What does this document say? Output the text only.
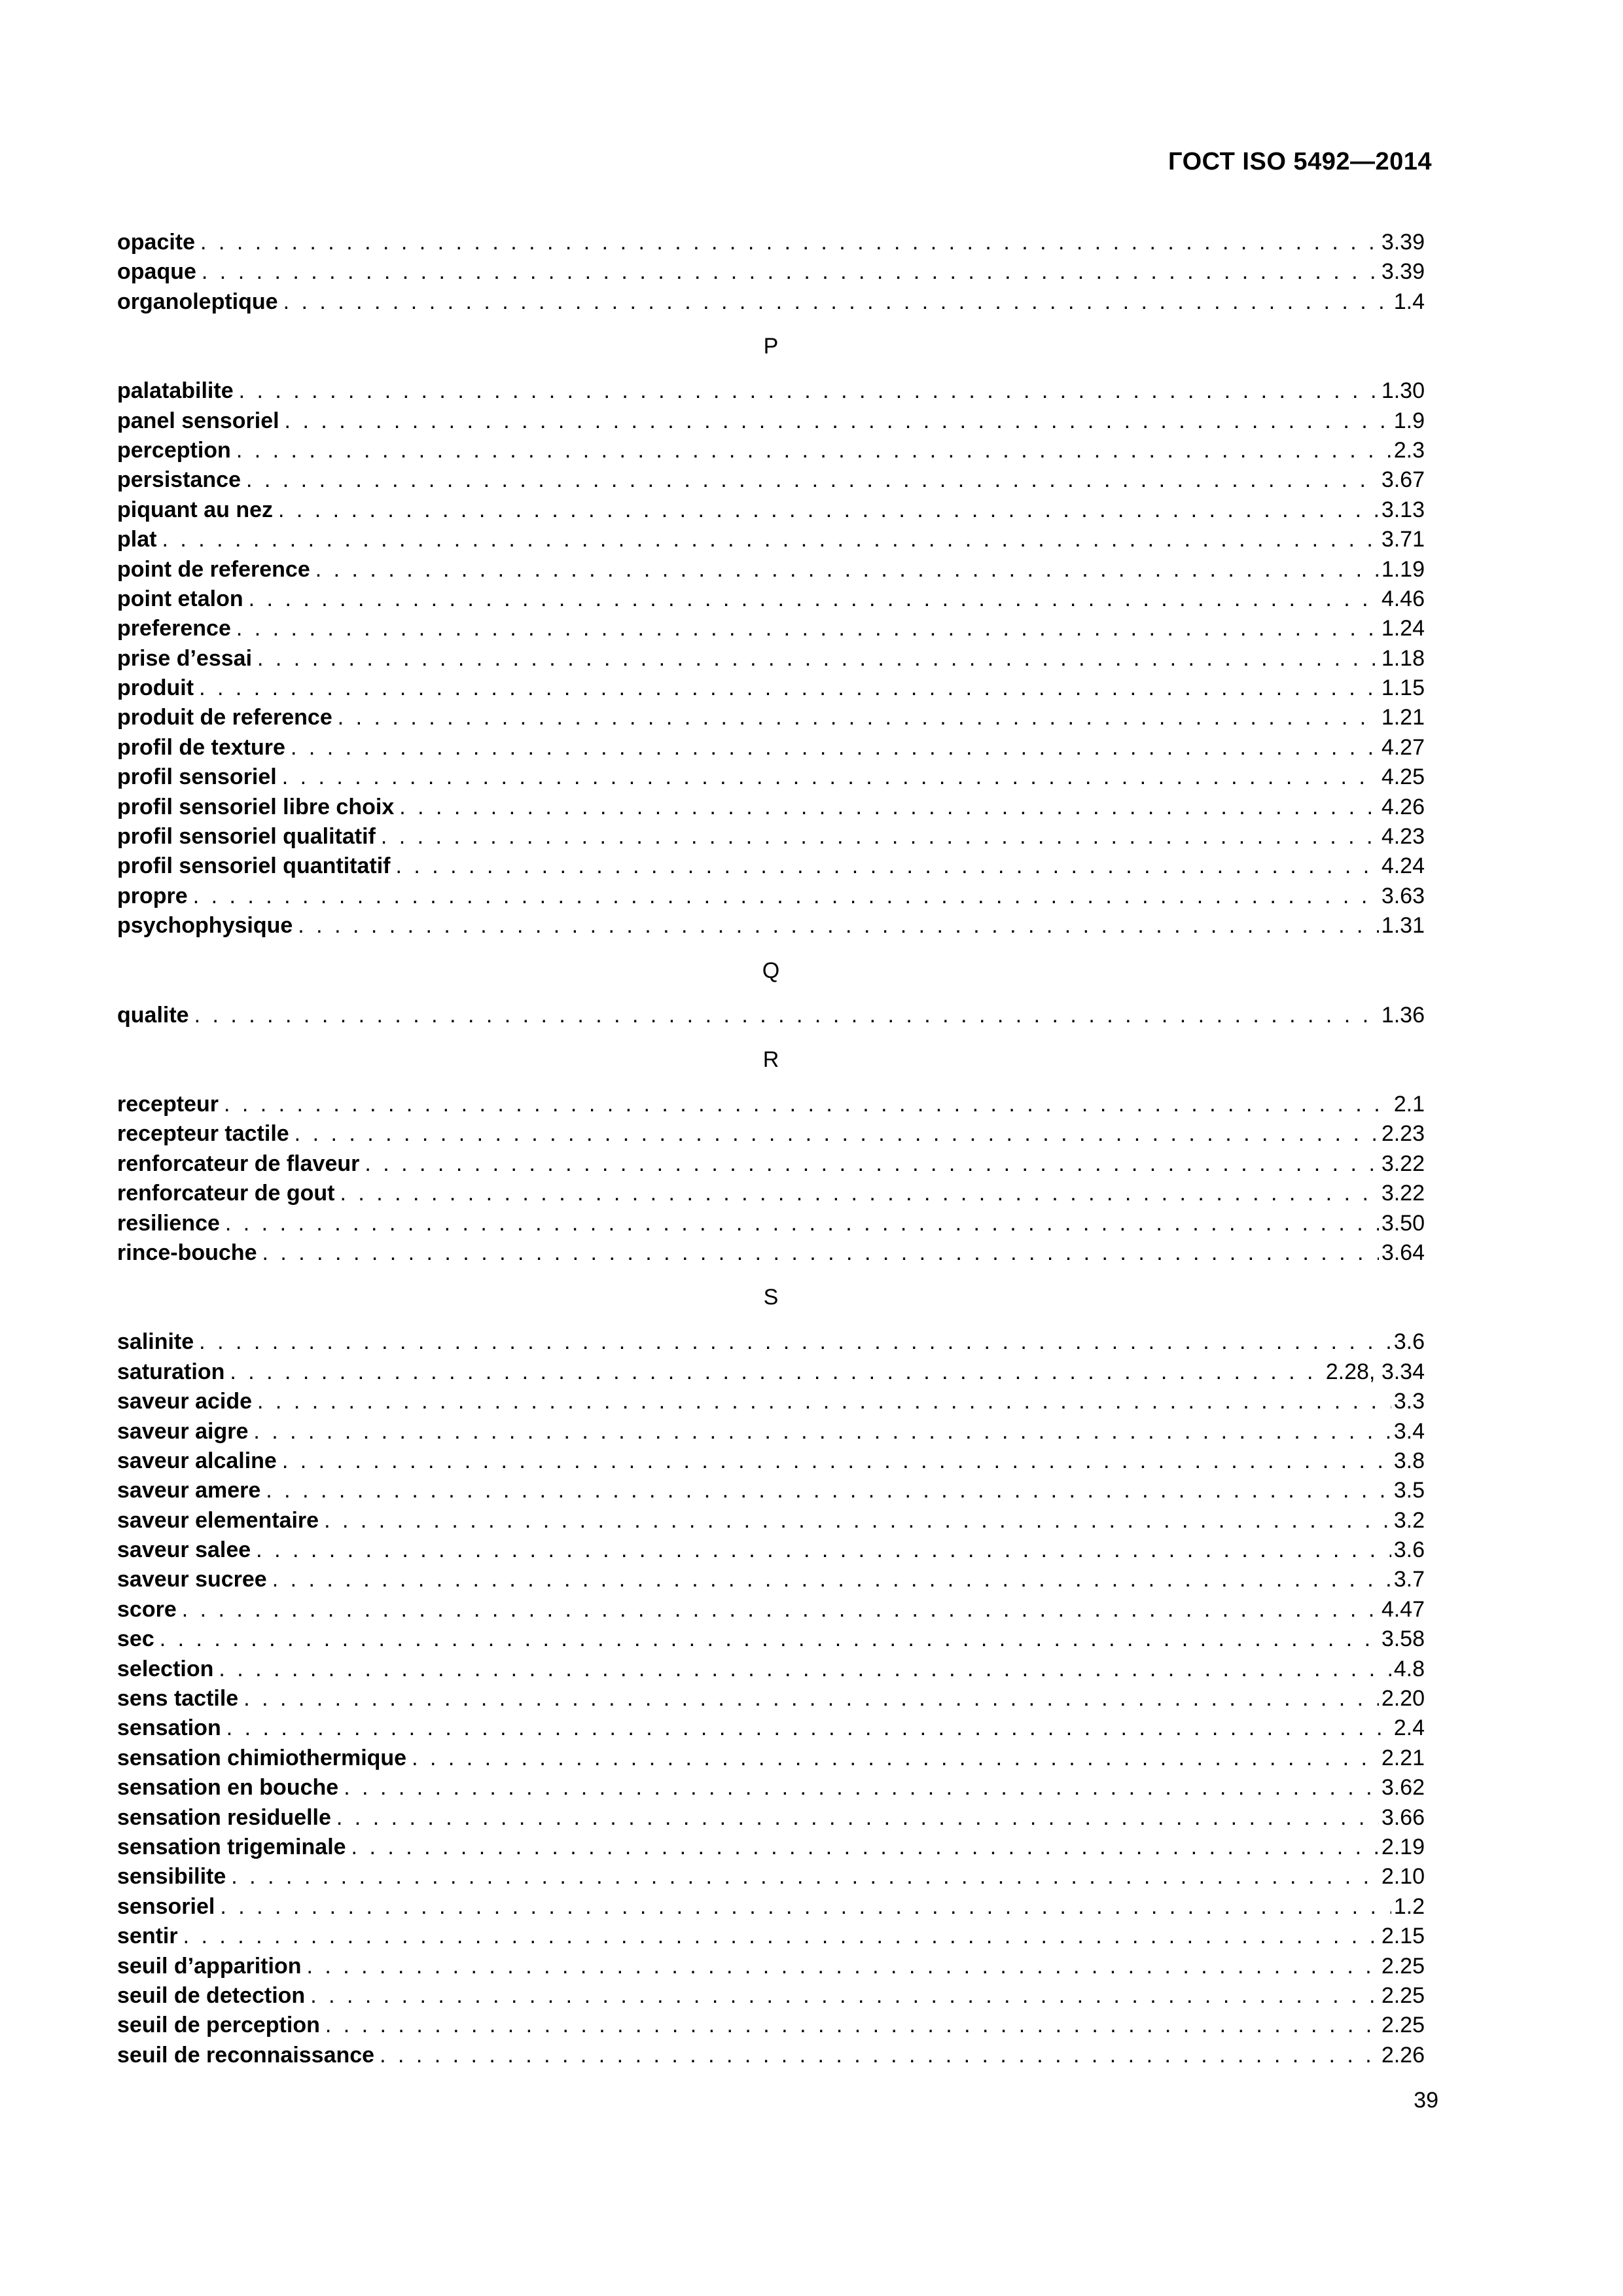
ГОСТ ISO 5492—2014
opacite . . .	3.39
opaque . . .	3.39
organoleptique . . .	1.4
P
palatabilite . . .	1.30
panel sensoriel . . .	1.9
perception . . .	2.3
persistance . . .	3.67
piquant au nez . . .	3.13
plat . . .	3.71
point de reference . . .	1.19
point etalon . . .	4.46
preference . . .	1.24
prise d’essai . . .	1.18
produit . . .	1.15
produit de reference . . .	1.21
profil de texture . . .	4.27
profil sensoriel . . .	4.25
profil sensoriel libre choix . . .	4.26
profil sensoriel qualitatif . . .	4.23
profil sensoriel quantitatif . . .	4.24
propre . . .	3.63
psychophysique . . .	1.31
Q
qualite . . .	1.36
R
recepteur . . .	2.1
recepteur tactile . . .	2.23
renforcateur de flaveur . . .	3.22
renforcateur de gout . . .	3.22
resilience . . .	3.50
rince-bouche . . .	3.64
S
salinite . . .	3.6
saturation . . .	2.28, 3.34
saveur acide . . .	3.3
saveur aigre . . .	3.4
saveur alcaline . . .	3.8
saveur amere . . .	3.5
saveur elementaire . . .	3.2
saveur salee . . .	3.6
saveur sucree . . .	3.7
score . . .	4.47
sec . . .	3.58
selection . . .	4.8
sens tactile . . .	2.20
sensation . . .	2.4
sensation chimiothermique . . .	2.21
sensation en bouche . . .	3.62
sensation residuelle . . .	3.66
sensation trigeminale . . .	2.19
sensibilite . . .	2.10
sensoriel . . .	1.2
sentir . . .	2.15
seuil d’apparition . . .	2.25
seuil de detection . . .	2.25
seuil de perception . . .	2.25
seuil de reconnaissance . . .	2.26
39
